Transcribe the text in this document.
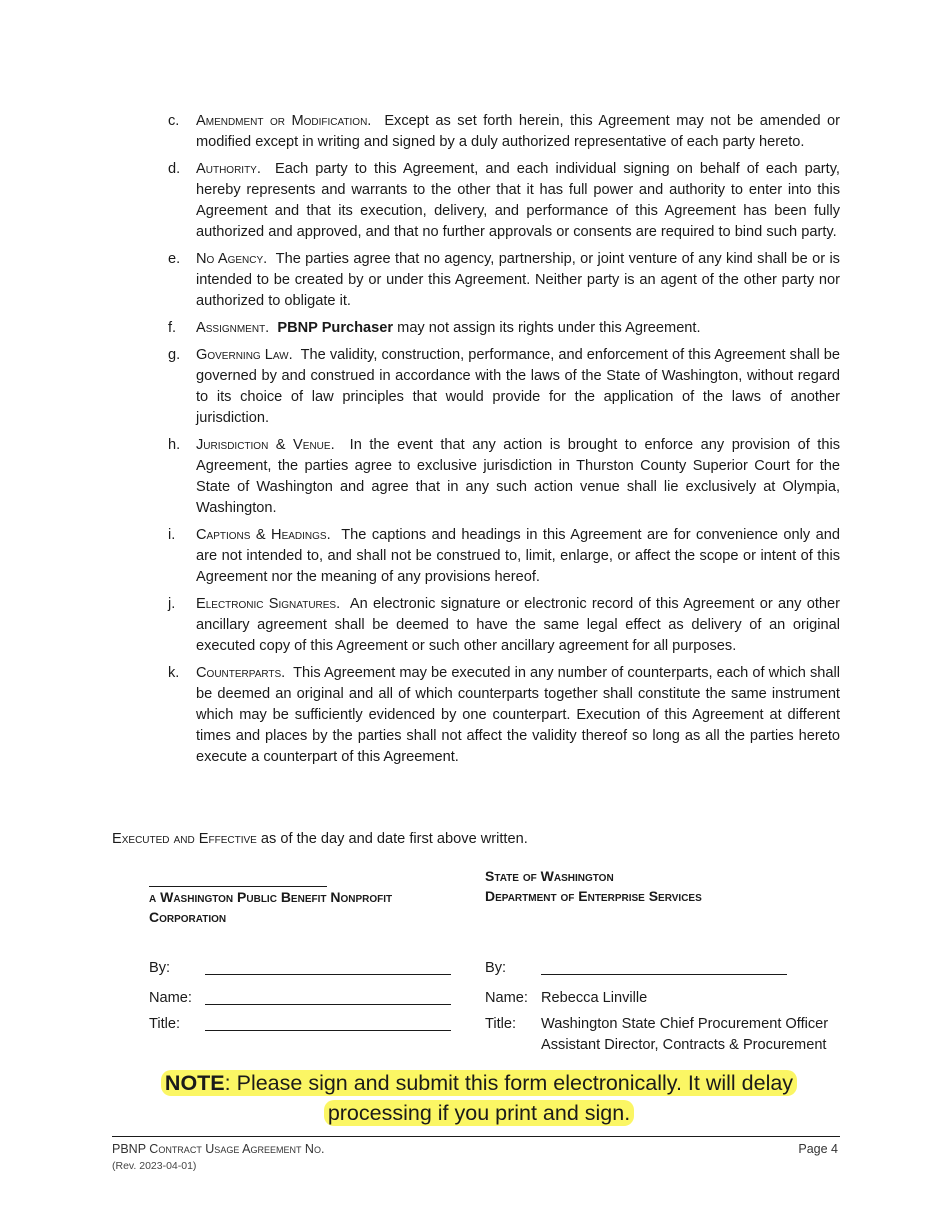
c.	Amendment or Modification. Except as set forth herein, this Agreement may not be amended or modified except in writing and signed by a duly authorized representative of each party hereto.
d.	Authority. Each party to this Agreement, and each individual signing on behalf of each party, hereby represents and warrants to the other that it has full power and authority to enter into this Agreement and that its execution, delivery, and performance of this Agreement has been fully authorized and approved, and that no further approvals or consents are required to bind such party.
e.	No Agency. The parties agree that no agency, partnership, or joint venture of any kind shall be or is intended to be created by or under this Agreement. Neither party is an agent of the other party nor authorized to obligate it.
f.	Assignment. PBNP Purchaser may not assign its rights under this Agreement.
g.	Governing Law. The validity, construction, performance, and enforcement of this Agreement shall be governed by and construed in accordance with the laws of the State of Washington, without regard to its choice of law principles that would provide for the application of the laws of another jurisdiction.
h.	Jurisdiction & Venue. In the event that any action is brought to enforce any provision of this Agreement, the parties agree to exclusive jurisdiction in Thurston County Superior Court for the State of Washington and agree that in any such action venue shall lie exclusively at Olympia, Washington.
i.	Captions & Headings. The captions and headings in this Agreement are for convenience only and are not intended to, and shall not be construed to, limit, enlarge, or affect the scope or intent of this Agreement nor the meaning of any provisions hereof.
j.	Electronic Signatures. An electronic signature or electronic record of this Agreement or any other ancillary agreement shall be deemed to have the same legal effect as delivery of an original executed copy of this Agreement or such other ancillary agreement for all purposes.
k.	Counterparts. This Agreement may be executed in any number of counterparts, each of which shall be deemed an original and all of which counterparts together shall constitute the same instrument which may be sufficiently evidenced by one counterpart. Execution of this Agreement at different times and places by the parties shall not affect the validity thereof so long as all the parties hereto execute a counterpart of this Agreement.
Executed and Effective as of the day and date first above written.
a Washington Public Benefit Nonprofit
Corporation
By:
Name:
Title:
State of Washington
Department of Enterprise Services
By:
Name: Rebecca Linville
Title:	Washington State Chief Procurement Officer
Assistant Director, Contracts & Procurement
NOTE: Please sign and submit this form electronically. It will delay
processing if you print and sign.
PBNP Contract Usage Agreement No.
(Rev. 2023-04-01)
Page 4
